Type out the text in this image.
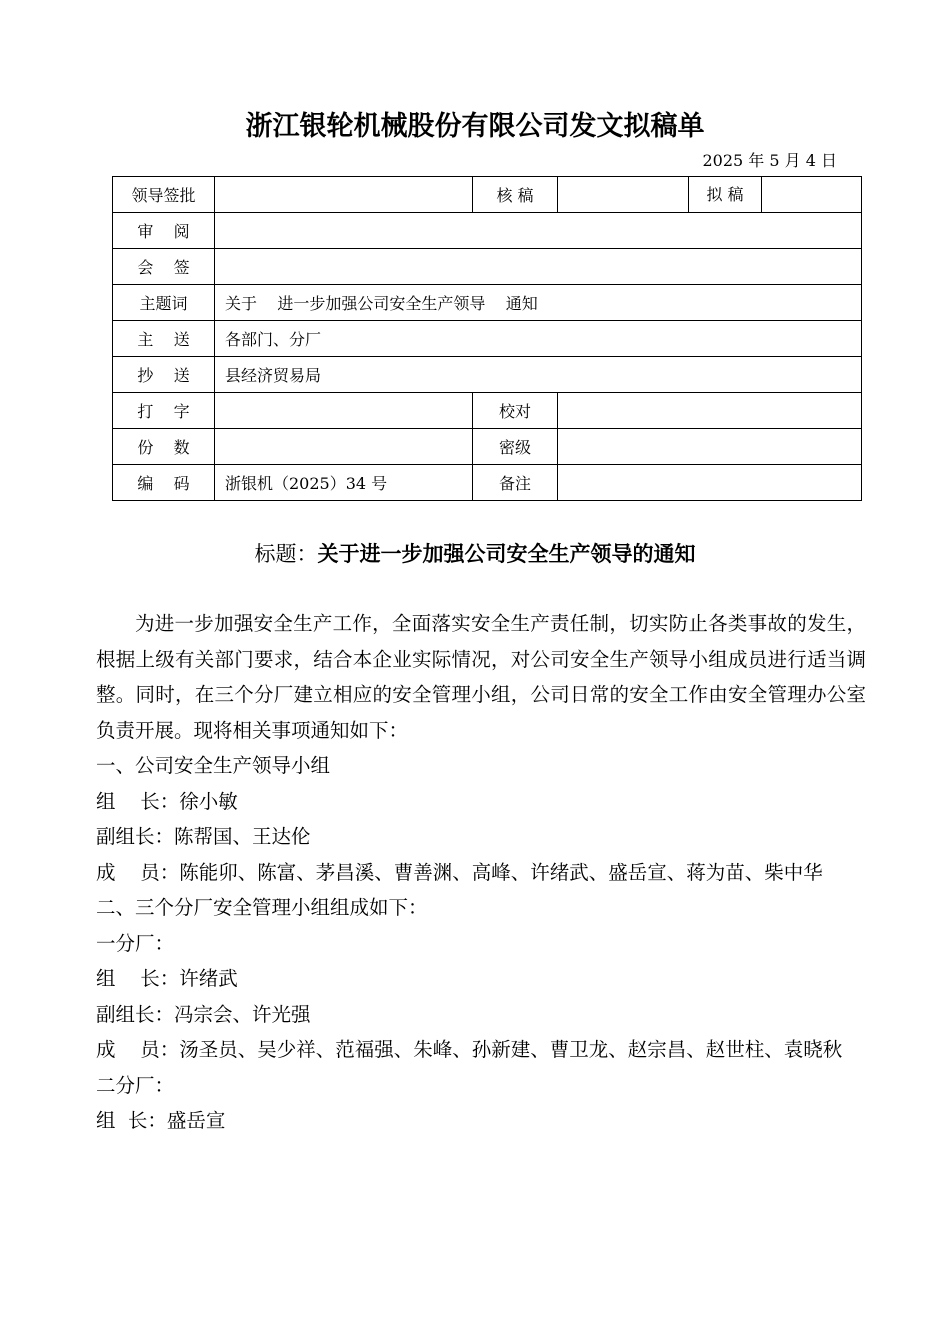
浙江银轮机械股份有限公司发文拟稿单
2025 年 5 月 4 日
领导签批		核 稿		拟 稿

审    阅				
会    签				
主题词	关于    进一步加强公司安全生产领导    通知			
主    送	各部门、分厂			
抄    送	县经济贸易局			
打    字		校对		
份    数		密级		
编    码	浙银机（2025）34 号	备注		
标题：关于进一步加强公司安全生产领导的通知

为进一步加强安全生产工作，全面落实安全生产责任制，切实防止各类事故的发生，根据上级有关部门要求，结合本企业实际情况，对公司安全生产领导小组成员进行适当调整。同时，在三个分厂建立相应的安全管理小组，公司日常的安全工作由安全管理办公室负责开展。现将相关事项通知如下：

一、公司安全生产领导小组

组    长： 徐小敏
副组长： 陈帮国、王达伦
成    员： 陈能卯、陈富、茅昌溪、曹善渊、高峰、许绪武、盛岳宣、蒋为苗、柴中华

二、三个分厂安全管理小组组成如下：

一分厂：

组    长： 许绪武
副组长： 冯宗会、许光强
成    员： 汤圣员、吴少祥、范福强、朱峰、孙新建、曹卫龙、赵宗昌、赵世柱、袁晓秋

二分厂：

组  长： 盛岳宣
